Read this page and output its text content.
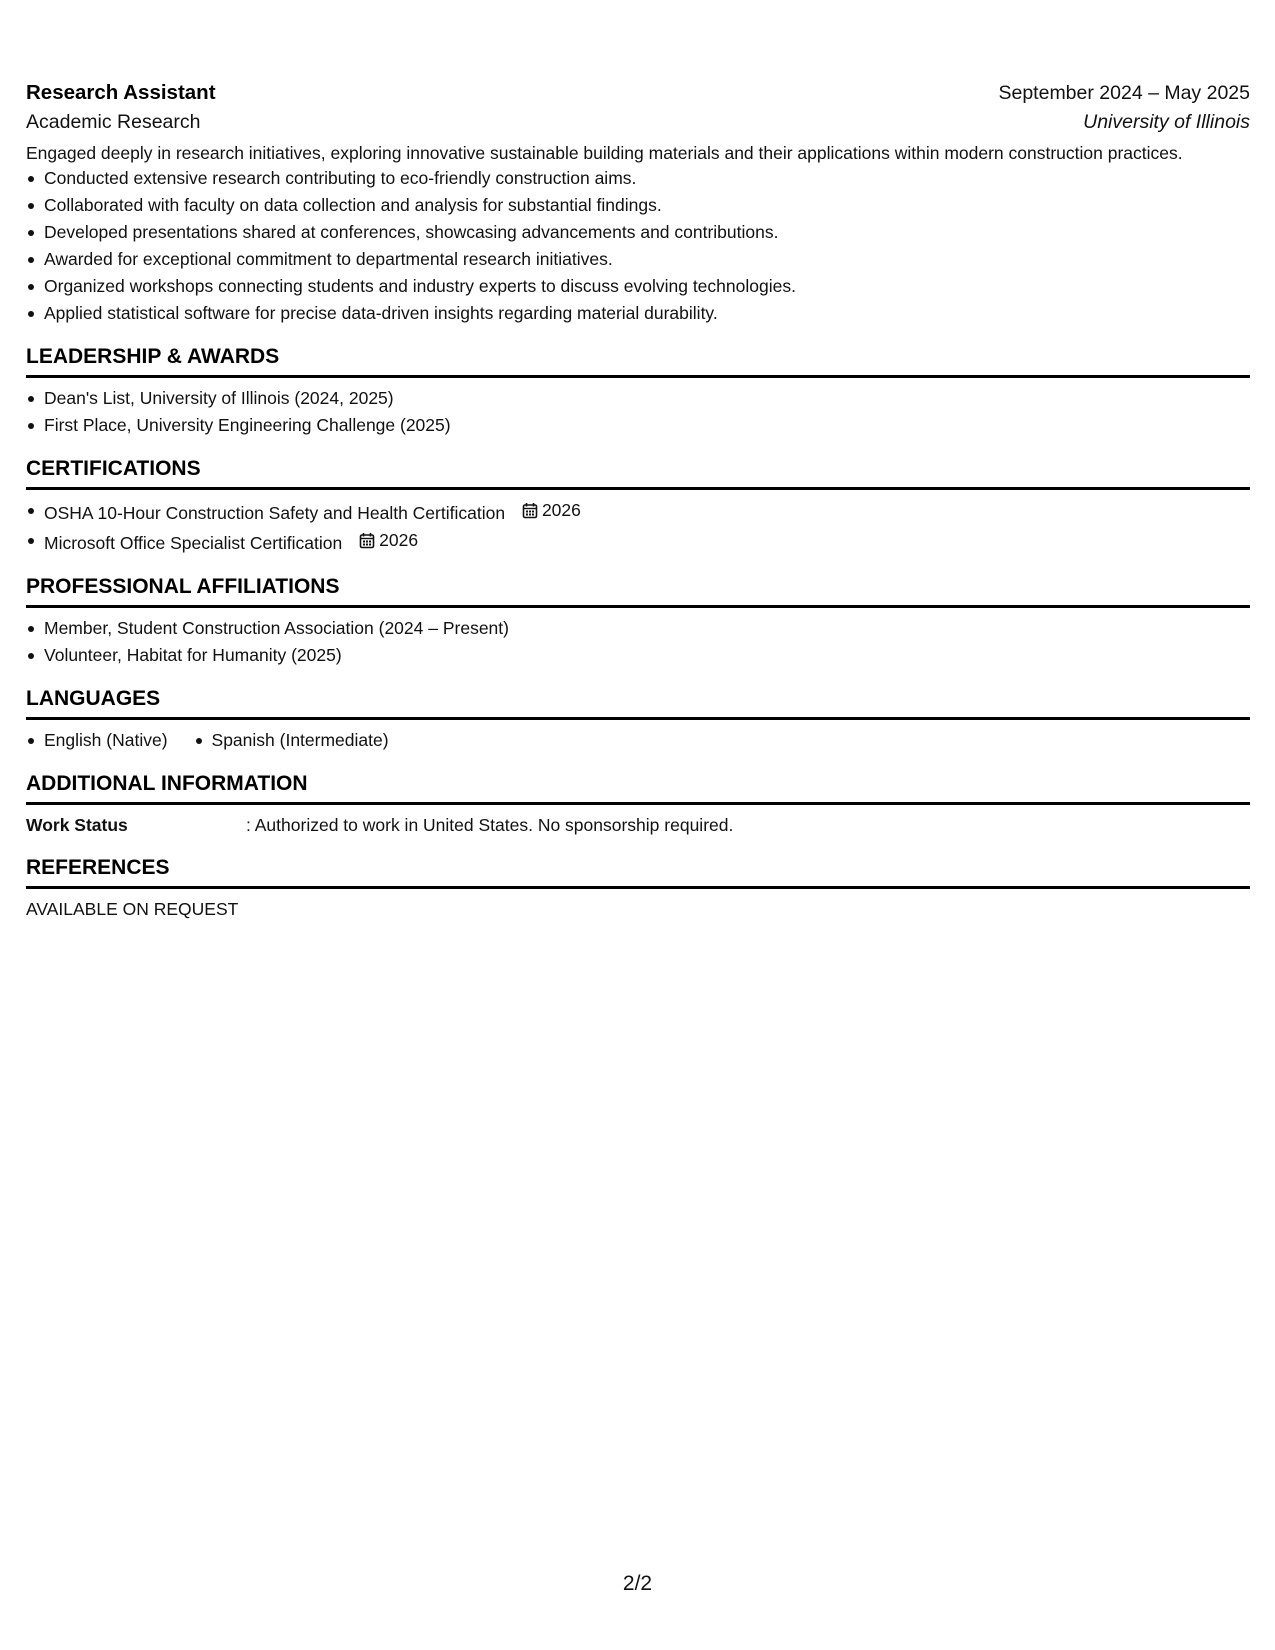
Research Assistant	September 2024 – May 2025
Academic Research	University of Illinois
Engaged deeply in research initiatives, exploring innovative sustainable building materials and their applications within modern construction practices.
Conducted extensive research contributing to eco-friendly construction aims.
Collaborated with faculty on data collection and analysis for substantial findings.
Developed presentations shared at conferences, showcasing advancements and contributions.
Awarded for exceptional commitment to departmental research initiatives.
Organized workshops connecting students and industry experts to discuss evolving technologies.
Applied statistical software for precise data-driven insights regarding material durability.
LEADERSHIP & AWARDS
Dean's List, University of Illinois (2024, 2025)
First Place, University Engineering Challenge (2025)
CERTIFICATIONS
OSHA 10-Hour Construction Safety and Health Certification 2026
Microsoft Office Specialist Certification 2026
PROFESSIONAL AFFILIATIONS
Member, Student Construction Association (2024 – Present)
Volunteer, Habitat for Humanity (2025)
LANGUAGES
English (Native)	Spanish (Intermediate)
ADDITIONAL INFORMATION
Work Status	: Authorized to work in United States. No sponsorship required.
REFERENCES
AVAILABLE ON REQUEST
2/2
